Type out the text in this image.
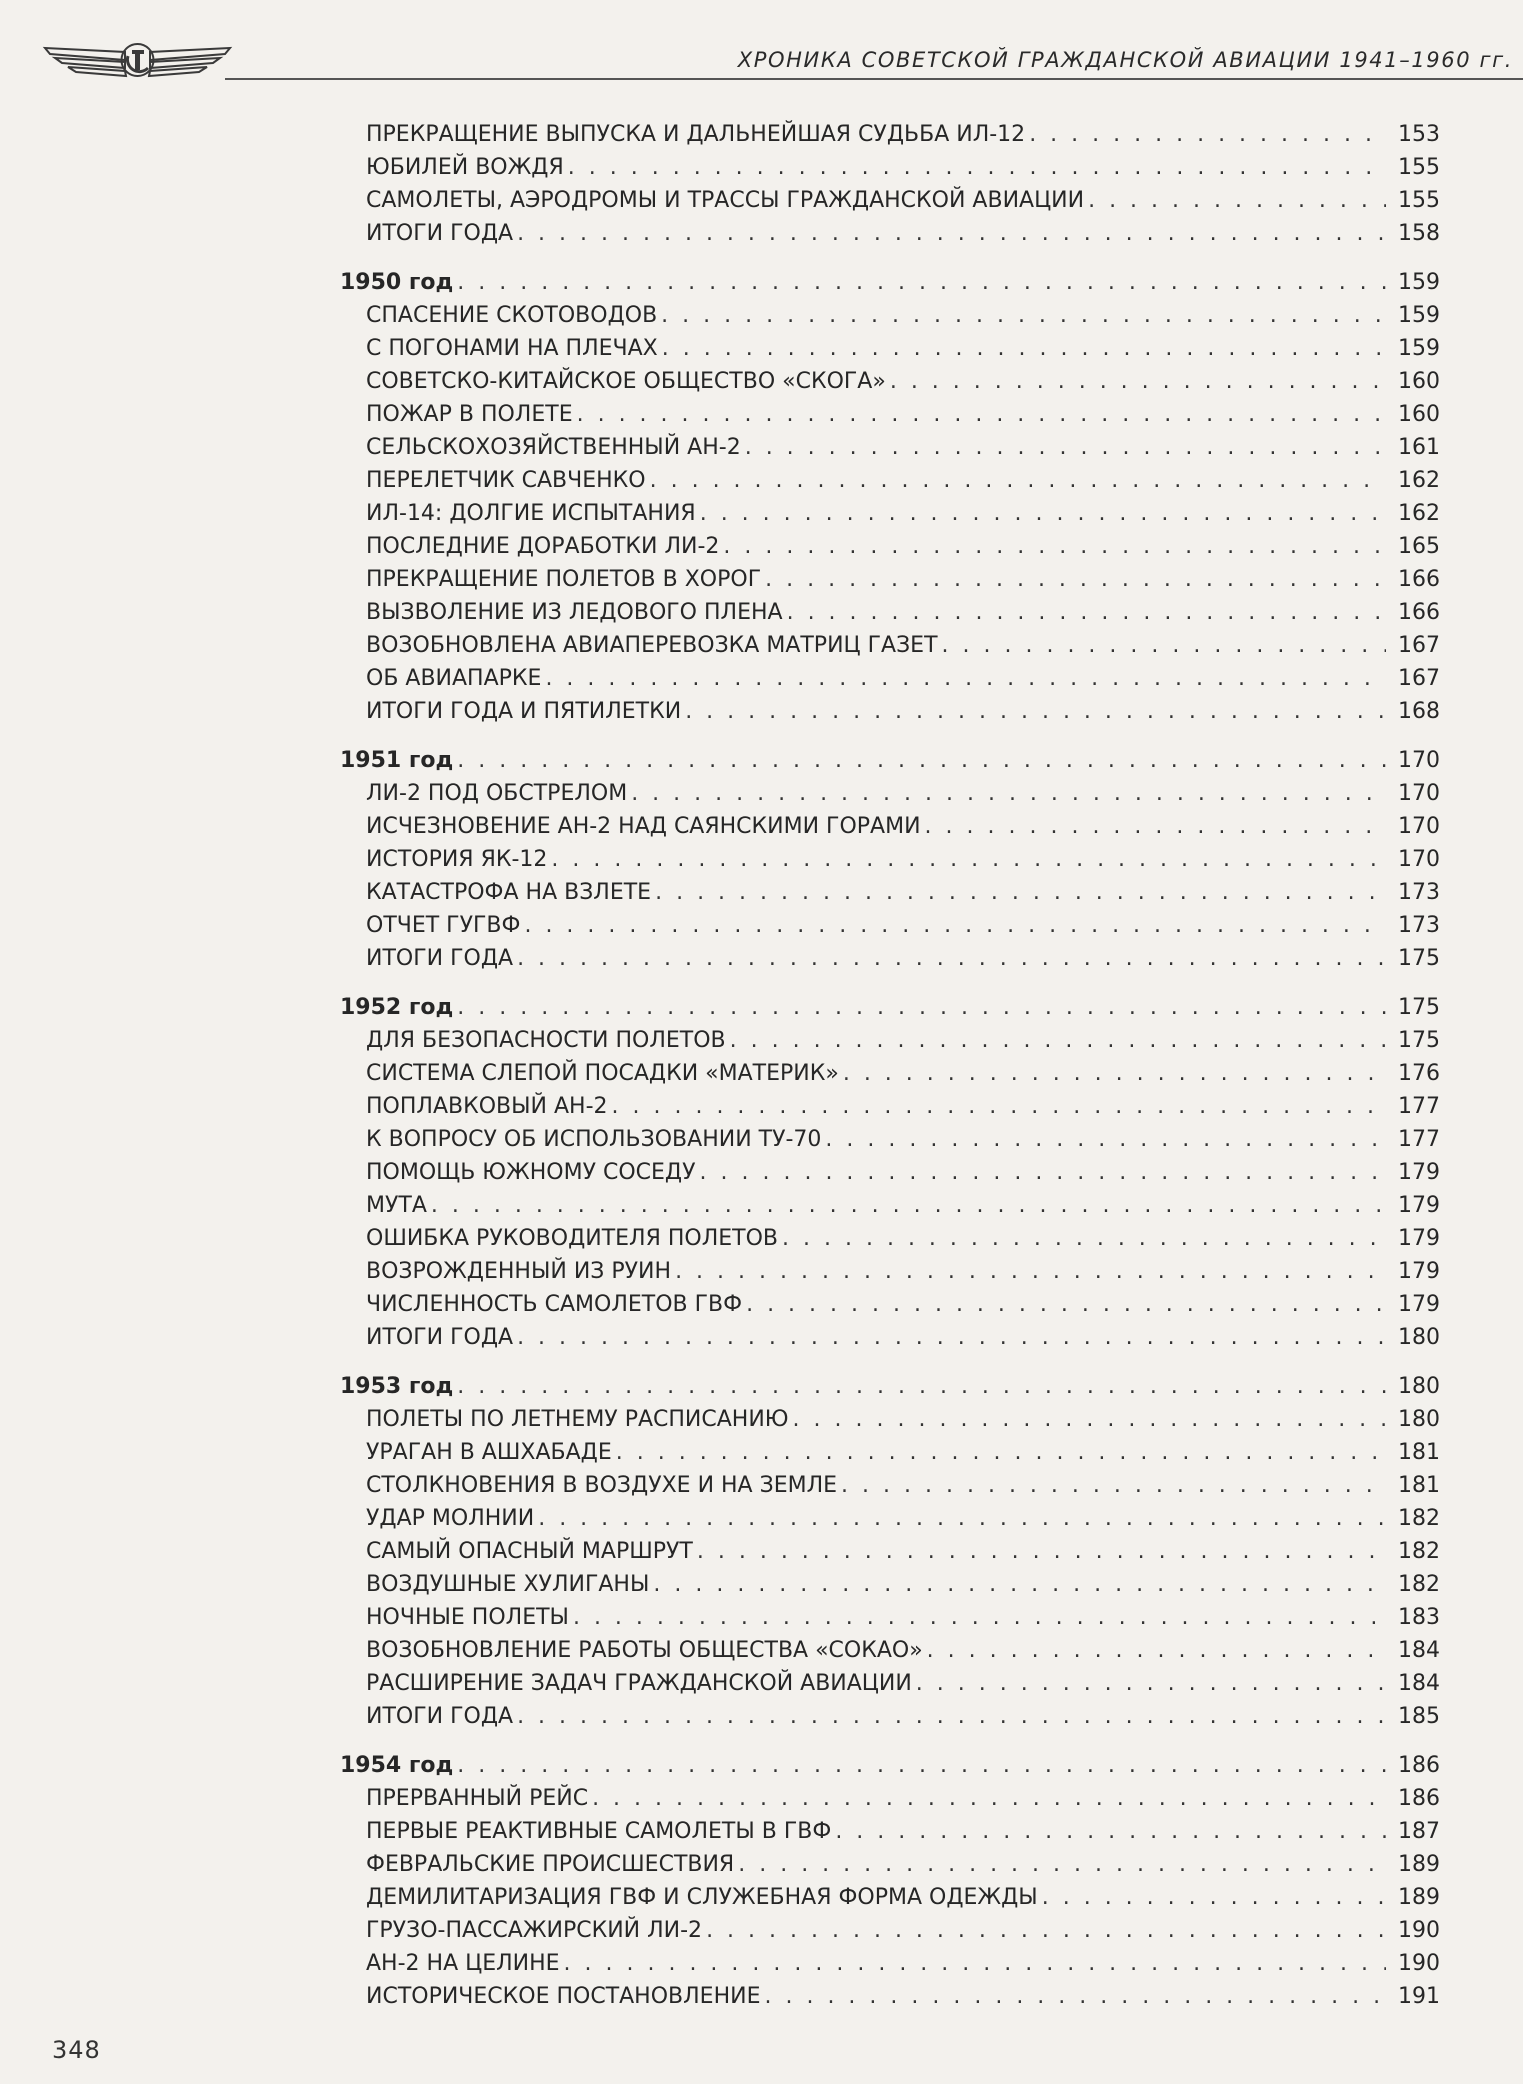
ХРОНИКА СОВЕТСКОЙ ГРАЖДАНСКОЙ АВИАЦИИ 1941–1960 гг.
ПРЕКРАЩЕНИЕ ВЫПУСКА И ДАЛЬНЕЙШАЯ СУДЬБА ИЛ-12 . . .	153
ЮБИЛЕЙ ВОЖДЯ . . .	155
САМОЛЕТЫ, АЭРОДРОМЫ И ТРАССЫ ГРАЖДАНСКОЙ АВИАЦИИ . . .	155
ИТОГИ ГОДА . . .	158
1950 год . . .	159
СПАСЕНИЕ СКОТОВОДОВ . . .	159
С ПОГОНАМИ НА ПЛЕЧАХ . . .	159
СОВЕТСКО-КИТАЙСКОЕ ОБЩЕСТВО «СКОГА» . . .	160
ПОЖАР В ПОЛЕТЕ . . .	160
СЕЛЬСКОХОЗЯЙСТВЕННЫЙ АН-2 . . .	161
ПЕРЕЛЕТЧИК САВЧЕНКО . . .	162
ИЛ-14: ДОЛГИЕ ИСПЫТАНИЯ . . .	162
ПОСЛЕДНИЕ ДОРАБОТКИ ЛИ-2 . . .	165
ПРЕКРАЩЕНИЕ ПОЛЕТОВ В ХОРОГ . . .	166
ВЫЗВОЛЕНИЕ ИЗ ЛЕДОВОГО ПЛЕНА . . .	166
ВОЗОБНОВЛЕНА АВИАПЕРЕВОЗКА МАТРИЦ ГАЗЕТ . . .	167
ОБ АВИАПАРКЕ . . .	167
ИТОГИ ГОДА И ПЯТИЛЕТКИ . . .	168
1951 год . . .	170
ЛИ-2 ПОД ОБСТРЕЛОМ . . .	170
ИСЧЕЗНОВЕНИЕ АН-2 НАД САЯНСКИМИ ГОРАМИ . . .	170
ИСТОРИЯ ЯК-12 . . .	170
КАТАСТРОФА НА ВЗЛЕТЕ . . .	173
ОТЧЕТ ГУГВФ . . .	173
ИТОГИ ГОДА . . .	175
1952 год . . .	175
ДЛЯ БЕЗОПАСНОСТИ ПОЛЕТОВ . . .	175
СИСТЕМА СЛЕПОЙ ПОСАДКИ «МАТЕРИК» . . .	176
ПОПЛАВКОВЫЙ АН-2 . . .	177
К ВОПРОСУ ОБ ИСПОЛЬЗОВАНИИ ТУ-70 . . .	177
ПОМОЩЬ ЮЖНОМУ СОСЕДУ . . .	179
МУТА . . .	179
ОШИБКА РУКОВОДИТЕЛЯ ПОЛЕТОВ . . .	179
ВОЗРОЖДЕННЫЙ ИЗ РУИН . . .	179
ЧИСЛЕННОСТЬ САМОЛЕТОВ ГВФ . . .	179
ИТОГИ ГОДА . . .	180
1953 год . . .	180
ПОЛЕТЫ ПО ЛЕТНЕМУ РАСПИСАНИЮ . . .	180
УРАГАН В АШХАБАДЕ . . .	181
СТОЛКНОВЕНИЯ В ВОЗДУХЕ И НА ЗЕМЛЕ . . .	181
УДАР МОЛНИИ . . .	182
САМЫЙ ОПАСНЫЙ МАРШРУТ . . .	182
ВОЗДУШНЫЕ ХУЛИГАНЫ . . .	182
НОЧНЫЕ ПОЛЕТЫ . . .	183
ВОЗОБНОВЛЕНИЕ РАБОТЫ ОБЩЕСТВА «СОКАО» . . .	184
РАСШИРЕНИЕ ЗАДАЧ ГРАЖДАНСКОЙ АВИАЦИИ . . .	184
ИТОГИ ГОДА . . .	185
1954 год . . .	186
ПРЕРВАННЫЙ РЕЙС . . .	186
ПЕРВЫЕ РЕАКТИВНЫЕ САМОЛЕТЫ В ГВФ . . .	187
ФЕВРАЛЬСКИЕ ПРОИСШЕСТВИЯ . . .	189
ДЕМИЛИТАРИЗАЦИЯ ГВФ И СЛУЖЕБНАЯ ФОРМА ОДЕЖДЫ . . .	189
ГРУЗО-ПАССАЖИРСКИЙ ЛИ-2 . . .	190
АН-2 НА ЦЕЛИНЕ . . .	190
ИСТОРИЧЕСКОЕ ПОСТАНОВЛЕНИЕ . . .	191
348
